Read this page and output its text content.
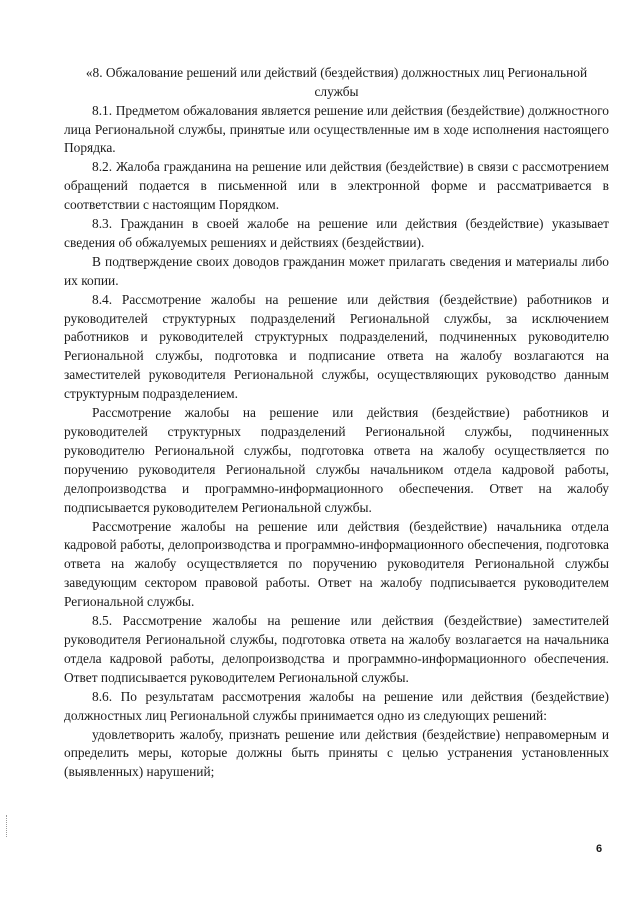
«8. Обжалование решений или действий (бездействия) должностных лиц Региональной службы

8.1. Предметом обжалования является решение или действия (бездействие) должностного лица Региональной службы, принятые или осуществленные им в ходе исполнения настоящего Порядка.

8.2. Жалоба гражданина на решение или действия (бездействие) в связи с рассмотрением обращений подается в письменной или в электронной форме и рассматривается в соответствии с настоящим Порядком.

8.3. Гражданин в своей жалобе на решение или действия (бездействие) указывает сведения об обжалуемых решениях и действиях (бездействии).

В подтверждение своих доводов гражданин может прилагать сведения и материалы либо их копии.

8.4. Рассмотрение жалобы на решение или действия (бездействие) работников и руководителей структурных подразделений Региональной службы, за исключением работников и руководителей структурных подразделений, подчиненных руководителю Региональной службы, подготовка и подписание ответа на жалобу возлагаются на заместителей руководителя Региональной службы, осуществляющих руководство данным структурным подразделением.

Рассмотрение жалобы на решение или действия (бездействие) работников и руководителей структурных подразделений Региональной службы, подчиненных руководителю Региональной службы, подготовка ответа на жалобу осуществляется по поручению руководителя Региональной службы начальником отдела кадровой работы, делопроизводства и программно-информационного обеспечения. Ответ на жалобу подписывается руководителем Региональной службы.

Рассмотрение жалобы на решение или действия (бездействие) начальника отдела кадровой работы, делопроизводства и программно-информационного обеспечения, подготовка ответа на жалобу осуществляется по поручению руководителя Региональной службы заведующим сектором правовой работы. Ответ на жалобу подписывается руководителем Региональной службы.

8.5. Рассмотрение жалобы на решение или действия (бездействие) заместителей руководителя Региональной службы, подготовка ответа на жалобу возлагается на начальника отдела кадровой работы, делопроизводства и программно-информационного обеспечения. Ответ подписывается руководителем Региональной службы.

8.6. По результатам рассмотрения жалобы на решение или действия (бездействие) должностных лиц Региональной службы принимается одно из следующих решений:

удовлетворить жалобу, признать решение или действия (бездействие) неправомерным и определить меры, которые должны быть приняты с целью устранения установленных (выявленных) нарушений;

6
